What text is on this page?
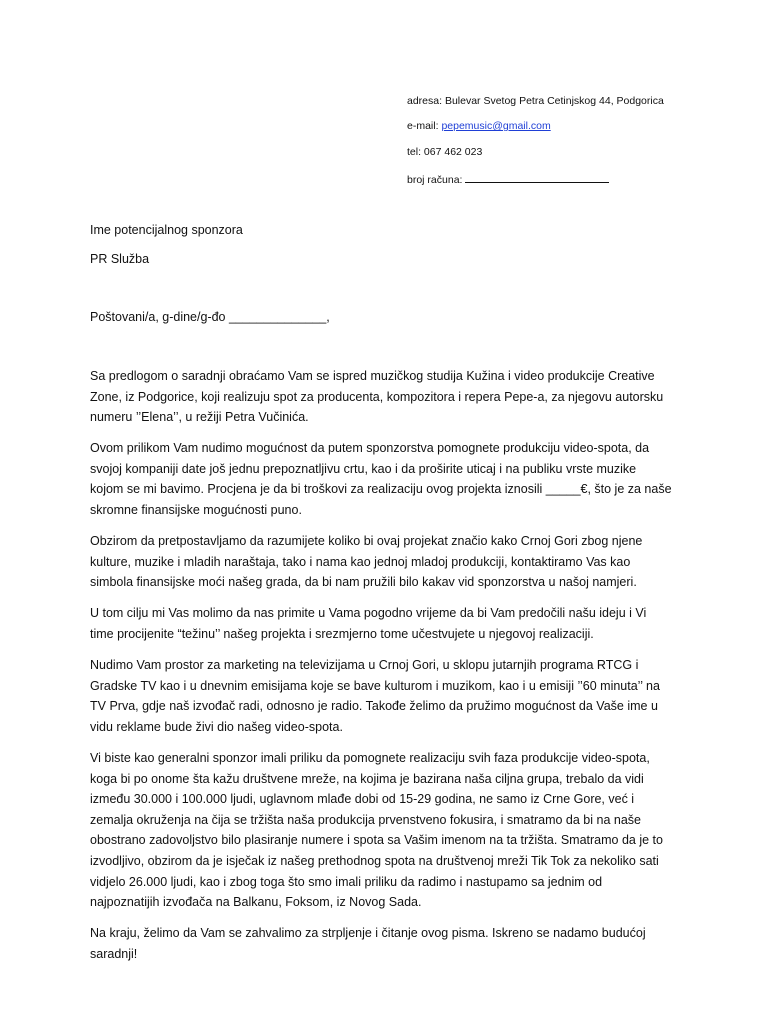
adresa: Bulevar Svetog Petra Cetinjskog 44, Podgorica
e-mail: pepemusic@gmail.com
tel: 067 462 023
broj računa:
Ime potencijalnog sponzora
PR Služba
Poštovani/a, g-dine/g-đo ______________,

Sa predlogom o saradnji obraćamo Vam se ispred muzičkog studija Kužina i video produkcije Creative
Zone, iz Podgorice, koji realizuju spot za producenta, kompozitora i repera Pepe-a, za njegovu autorsku
numeru ’’Elena’’, u režiji Petra Vučinića.

Ovom prilikom Vam nudimo mogućnost da putem sponzorstva pomognete produkciju video-spota, da
svojoj kompaniji date još jednu prepoznatljivu crtu, kao i da proširite uticaj i na publiku vrste muzike
kojom se mi bavimo. Procjena je da bi troškovi za realizaciju ovog projekta iznosili _____€, što je za naše
skromne finansijske mogućnosti puno.

Obzirom da pretpostavljamo da razumijete koliko bi ovaj projekat značio kako Crnoj Gori zbog njene
kulture, muzike i mladih naraštaja, tako i nama kao jednoj mladoj produkciji, kontaktiramo Vas kao
simbola finansijske moći našeg grada, da bi nam pružili bilo kakav vid sponzorstva u našoj namjeri.

U tom cilju mi Vas molimo da nas primite u Vama pogodno vrijeme da bi Vam predočili našu ideju i Vi
time procijenite “težinu’’ našeg projekta i srezmjerno tome učestvujete u njegovoj realizaciji.

Nudimo Vam prostor za marketing na televizijama u Crnoj Gori, u sklopu jutarnjih programa RTCG i
Gradske TV kao i u dnevnim emisijama koje se bave kulturom i muzikom, kao i u emisiji ’’60 minuta’’ na
TV Prva, gdje naš izvođač radi, odnosno je radio. Takođe želimo da pružimo mogućnost da Vaše ime u
vidu reklame bude živi dio našeg video-spota.

Vi biste kao generalni sponzor imali priliku da pomognete realizaciju svih faza produkcije video-spota,
koga bi po onome šta kažu društvene mreže, na kojima je bazirana naša ciljna grupa, trebalo da vidi
između 30.000 i 100.000 ljudi, uglavnom mlađe dobi od 15-29 godina, ne samo iz Crne Gore, već i
zemalja okruženja na čija se tržišta naša produkcija prvenstveno fokusira, i smatramo da bi na naše
obostrano zadovoljstvo bilo plasiranje numere i spota sa Vašim imenom na ta tržišta. Smatramo da je to
izvodljivo, obzirom da je isječak iz našeg prethodnog spota na društvenoj mreži Tik Tok za nekoliko sati
vidjelo 26.000 ljudi, kao i zbog toga što smo imali priliku da radimo i nastupamo sa jednim od
najpoznatijih izvođača na Balkanu, Foksom, iz Novog Sada.

Na kraju, želimo da Vam se zahvalimo za strpljenje i čitanje ovog pisma. Iskreno se nadamo budućoj
saradnji!
